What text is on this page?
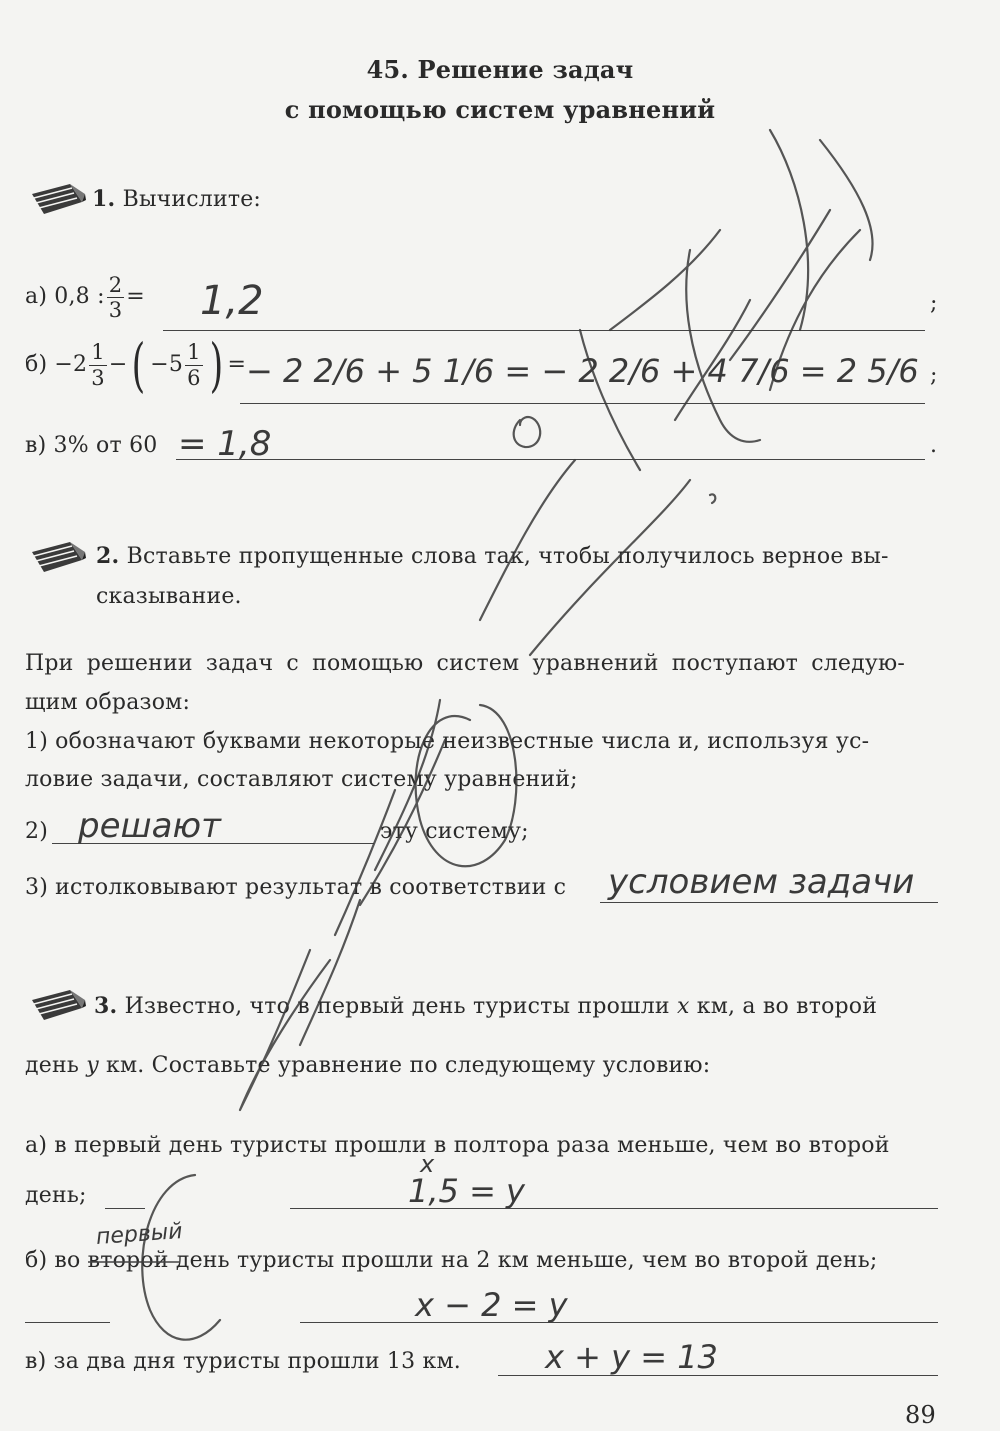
45. Решение задач
с помощью систем уравнений
1. Вычислите:
а) 0,8 : $\frac{2}{3} = 1,2$	;
$б) -2 \frac{1}{3}$ − ( $-5 \frac{1}{6}$ ) = − 2 2/6 + 5 1/6 = − 2 2/6 + 4 7/6 = 2 5/6 ;
в) 3% от 60 = 1,8	.
2. Вставьте пропущенные слова так, чтобы получилось верное вы-
сказывание.
При решении задач с помощью систем уравнений поступают следую-
щим образом:
1) обозначают буквами некоторые неизвестные числа и, используя ус-
ловие задачи, составляют систему уравнений;
2) решают	эту систему;
3) истолковывают результат в соответствии с условием задачи
3. Известно, что в первый день туристы прошли x км, а во второй
день y км. Составьте уравнение по следующему условию:
а) в первый день туристы прошли в полтора раза меньше, чем во второй
день;
x
1,5 = y
б) во второй день туристы прошли на 2 км меньше, чем во второй день;
первый
x − 2 = y
в) за два дня туристы прошли 13 км.	x + y = 13
89
